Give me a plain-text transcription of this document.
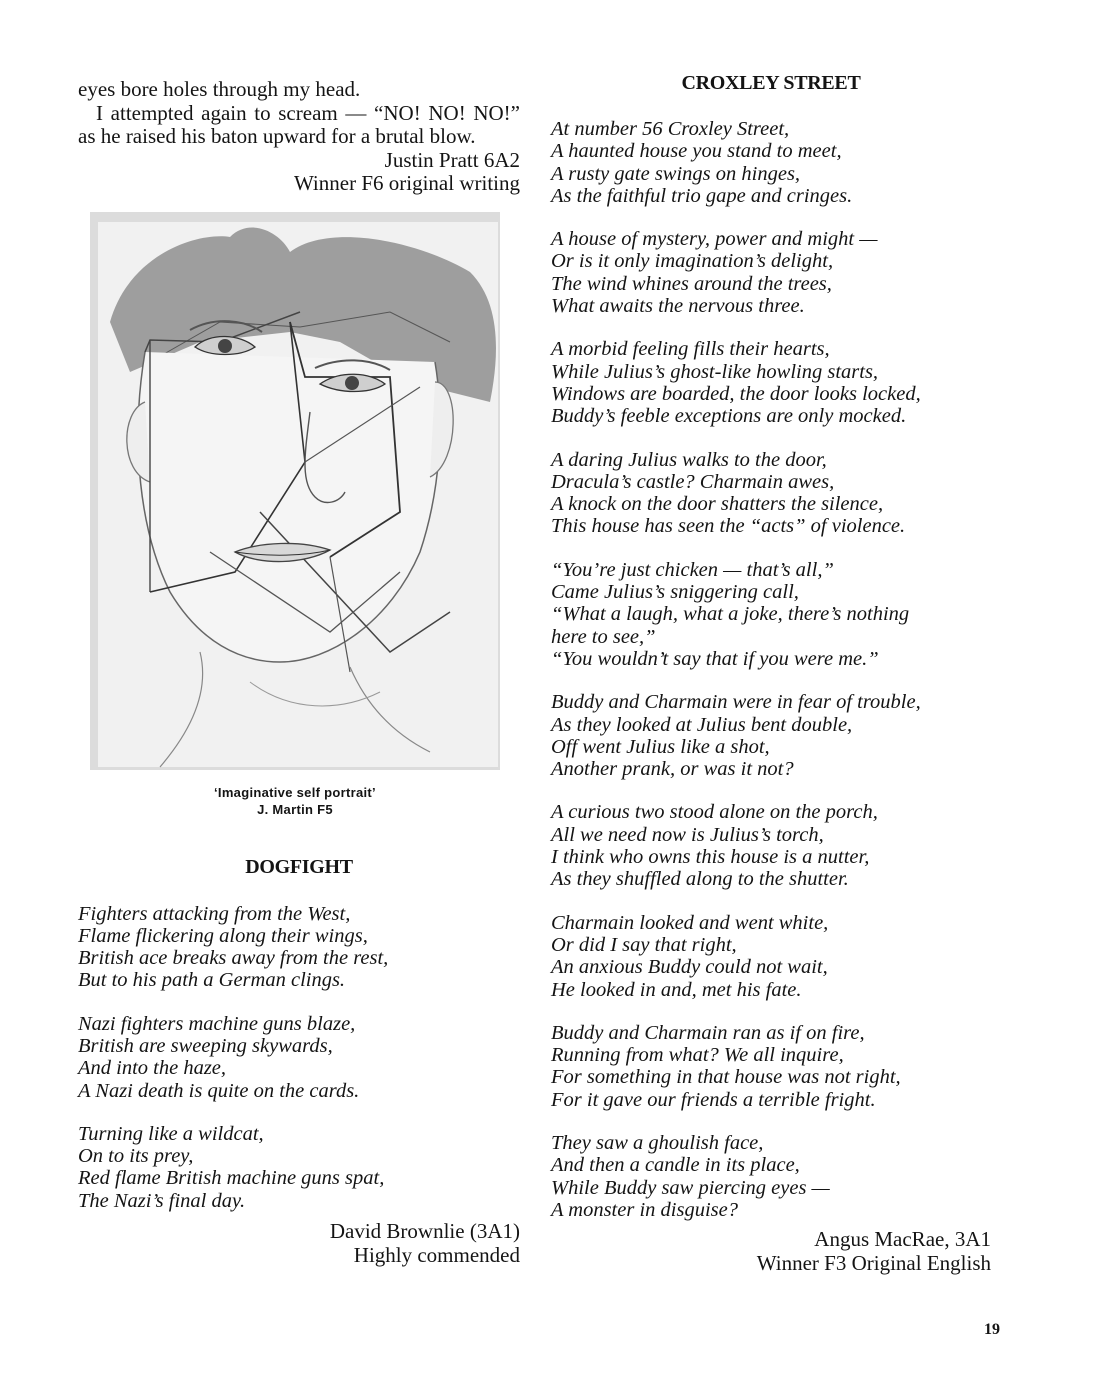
eyes bore holes through my head.

I attempted again to scream — “NO! NO! NO!” as he raised his baton upward for a brutal blow.

Justin Pratt 6A2

Winner F6 original writing

‘Imaginative self portrait’

J. Martin F5

DOGFIGHT

Fighters attacking from the West,

Flame flickering along their wings,

British ace breaks away from the rest,

But to his path a German clings.

Nazi fighters machine guns blaze,

British are sweeping skywards,

And into the haze,

A Nazi death is quite on the cards.

Turning like a wildcat,

On to its prey,

Red flame British machine guns spat,

The Nazi’s final day.

David Brownlie (3A1)

Highly commended

CROXLEY STREET

At number 56 Croxley Street,

A haunted house you stand to meet,

A rusty gate swings on hinges,

As the faithful trio gape and cringes.

A house of mystery, power and might —

Or is it only imagination’s delight,

The wind whines around the trees,

What awaits the nervous three.

A morbid feeling fills their hearts,

While Julius’s ghost-like howling starts,

Windows are boarded, the door looks locked,

Buddy’s feeble exceptions are only mocked.

A daring Julius walks to the door,

Dracula’s castle? Charmain awes,

A knock on the door shatters the silence,

This house has seen the “acts” of violence.

“You’re just chicken — that’s all,”

Came Julius’s sniggering call,

“What a laugh, what a joke, there’s nothing

here to see,”

“You wouldn’t say that if you were me.”

Buddy and Charmain were in fear of trouble,

As they looked at Julius bent double,

Off went Julius like a shot,

Another prank, or was it not?

A curious two stood alone on the porch,

All we need now is Julius’s torch,

I think who owns this house is a nutter,

As they shuffled along to the shutter.

Charmain looked and went white,

Or did I say that right,

An anxious Buddy could not wait,

He looked in and, met his fate.

Buddy and Charmain ran as if on fire,

Running from what? We all inquire,

For something in that house was not right,

For it gave our friends a terrible fright.

They saw a ghoulish face,

And then a candle in its place,

While Buddy saw piercing eyes —

A monster in disguise?

Angus MacRae, 3A1

Winner F3 Original English

19
